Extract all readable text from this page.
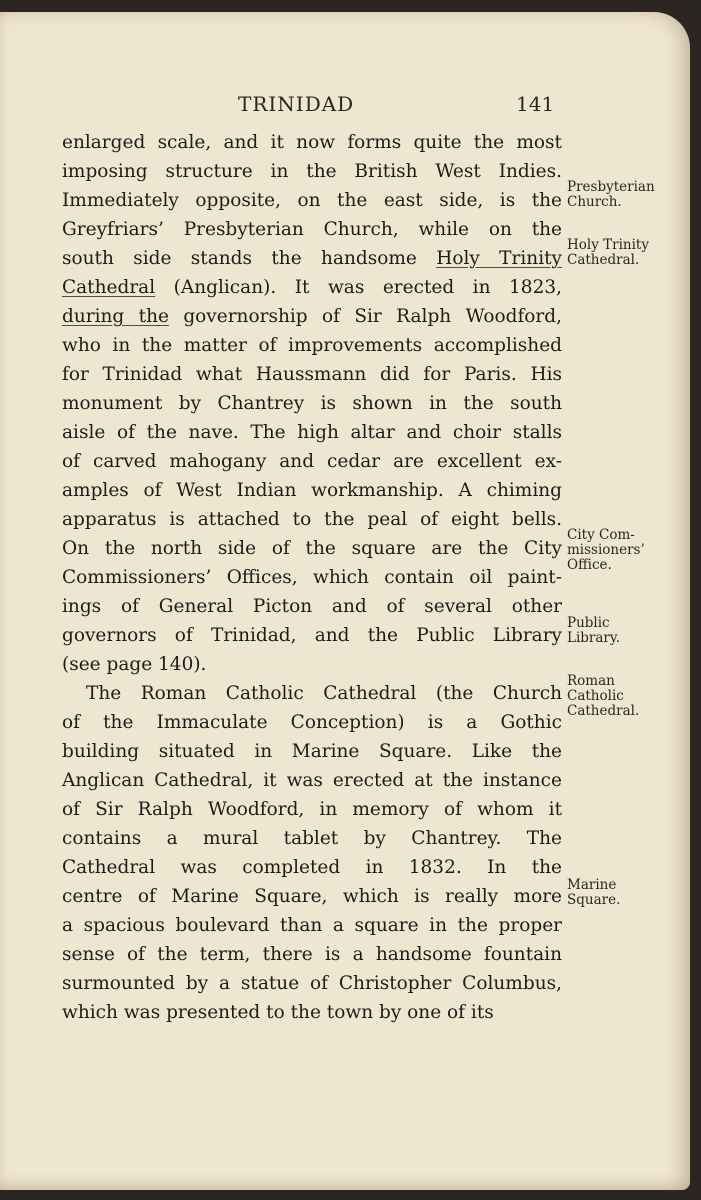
TRINIDAD	141
enlarged scale, and it now forms quite the most
imposing structure in the British West Indies.
Immediately opposite, on the east side, is the
Greyfriars’ Presbyterian Church, while on the
south side stands the handsome Holy Trinity
Cathedral (Anglican). It was erected in 1823,
during the governorship of Sir Ralph Woodford,
who in the matter of improvements accomplished
for Trinidad what Haussmann did for Paris. His
monument by Chantrey is shown in the south
aisle of the nave. The high altar and choir stalls
of carved mahogany and cedar are excellent ex-
amples of West Indian workmanship. A chiming
apparatus is attached to the peal of eight bells.
On the north side of the square are the City
Commissioners’ Offices, which contain oil paint-
ings of General Picton and of several other
governors of Trinidad, and the Public Library
(see page 140).
The Roman Catholic Cathedral (the Church
of the Immaculate Conception) is a Gothic
building situated in Marine Square. Like the
Anglican Cathedral, it was erected at the instance
of Sir Ralph Woodford, in memory of whom it
contains a mural tablet by Chantrey. The
Cathedral was completed in 1832. In the
centre of Marine Square, which is really more
a spacious boulevard than a square in the proper
sense of the term, there is a handsome fountain
surmounted by a statue of Christopher Columbus,
which was presented to the town by one of its
Presbyterian
Church.
Holy Trinity
Cathedral.
City Com-
missioners’
Office.
Public
Library.
Roman
Catholic
Cathedral.
Marine
Square.
